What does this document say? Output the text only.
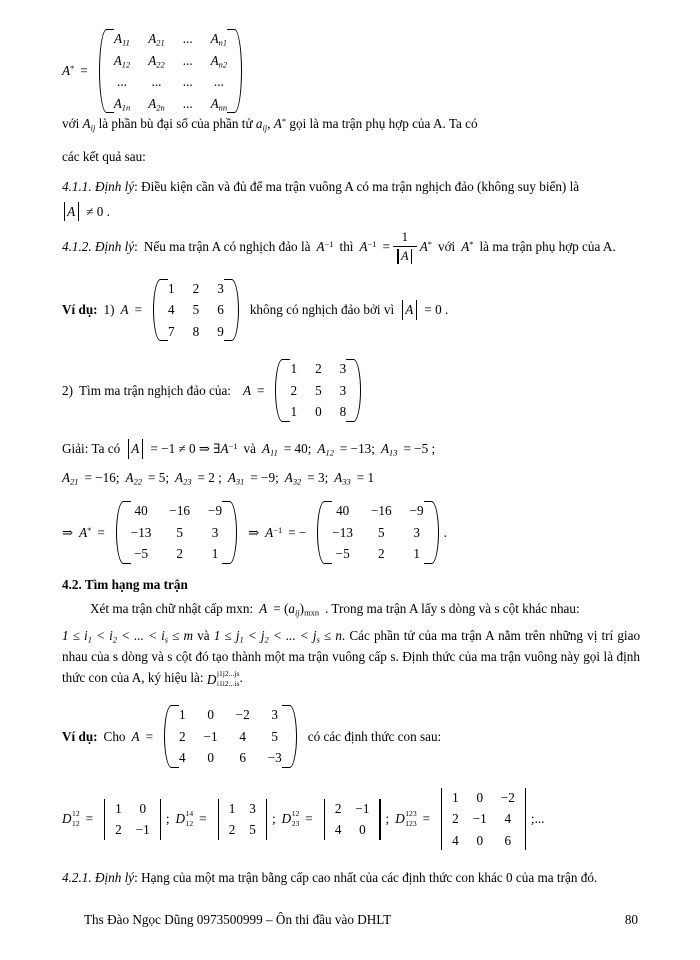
A* =
$A_{11}$	$A_{21}$	...	$A_{n1}$
$A_{12}$	$A_{22}$	...	$A_{n2}$
...	...	...	...
$A_{1n}$	$A_{2n}$	...	$A_{nn}$
với $A_{ij}$ là phần bù đại số của phần tử $a_{ij}$, A* gọi là ma trận phụ hợp của A. Ta có

các kết quả sau:

4.1.1. Định lý: Điều kiện cần và đủ để ma trận vuông A có ma trận nghịch đảo (không suy biến) là

A ≠ 0 .
4.1.2. Định lý : Nếu ma trận A có nghịch đảo là $A^{-1}$ thì $A^{-1} = \frac{1}{A} A^*$ với A* là ma trận phụ hợp của A.
Ví dụ: 1) A =
1	2	3
4	5	6
7	8	9
không có nghịch đảo bởi vì A = 0 .
2) Tìm ma trận nghịch đảo của: A =
1	2	3
2	5	3
1	0	8
Giải : Ta có A = −1 ≠ 0 ⇒ ∃ $A^{-1}$ và $A_{11} = 40$; $A_{12} = -13$; $A_{13} = -5$ ;
$A_{21} = -16$; $A_{22} = 5$; $A_{23} = 2$ ; $A_{31} = -9$; $A_{32} = 3$; $A_{33} = 1$
⇒ A* =
40	−16	−9
−13	5	3
−5	2	1
⇒ $A^{-1}$ = −
40	−16	−9
−13	5	3
−5	2	1
.
4.2. Tìm hạng ma trận
Xét ma trận chữ nhật cấp mxn: A = ( $a_{ij}$ )$_{mxn}$ . Trong ma trận A lấy s dòng và s cột khác nhau:

$1 \le i_1 < i_2$ < ... < $i_s \le m$ và $1 \le j_1 < j_2$ < ... < $j_s \le n$. Các phần tử của ma trận A nằm trên những vị trí giao nhau của s dòng và s cột đó tạo thành một ma trận vuông cấp s. Định thức của ma trận vuông này gọi là định thức con của A, ký hiệu là: D j1j2...js
i1i2...is .

Ví dụ: Cho A =
1	0	−2	3
2	−1	4	5
4	0	6	−3
có các định thức con sau:
D 12
12 =
1	0
2	−1
; D 14
12 =
1	3
2	5
; D 12
23 =
2	−1
4	0
; D 123
123 =
1	0	−2
2	−1	4
4	0	6
;...

4.2.1. Định lý: Hạng của một ma trận bằng cấp cao nhất của các định thức con khác 0 của ma trận đó.

Ths Đào Ngọc Dũng 0973500999 – Ôn thi đầu vào DHLT	80
